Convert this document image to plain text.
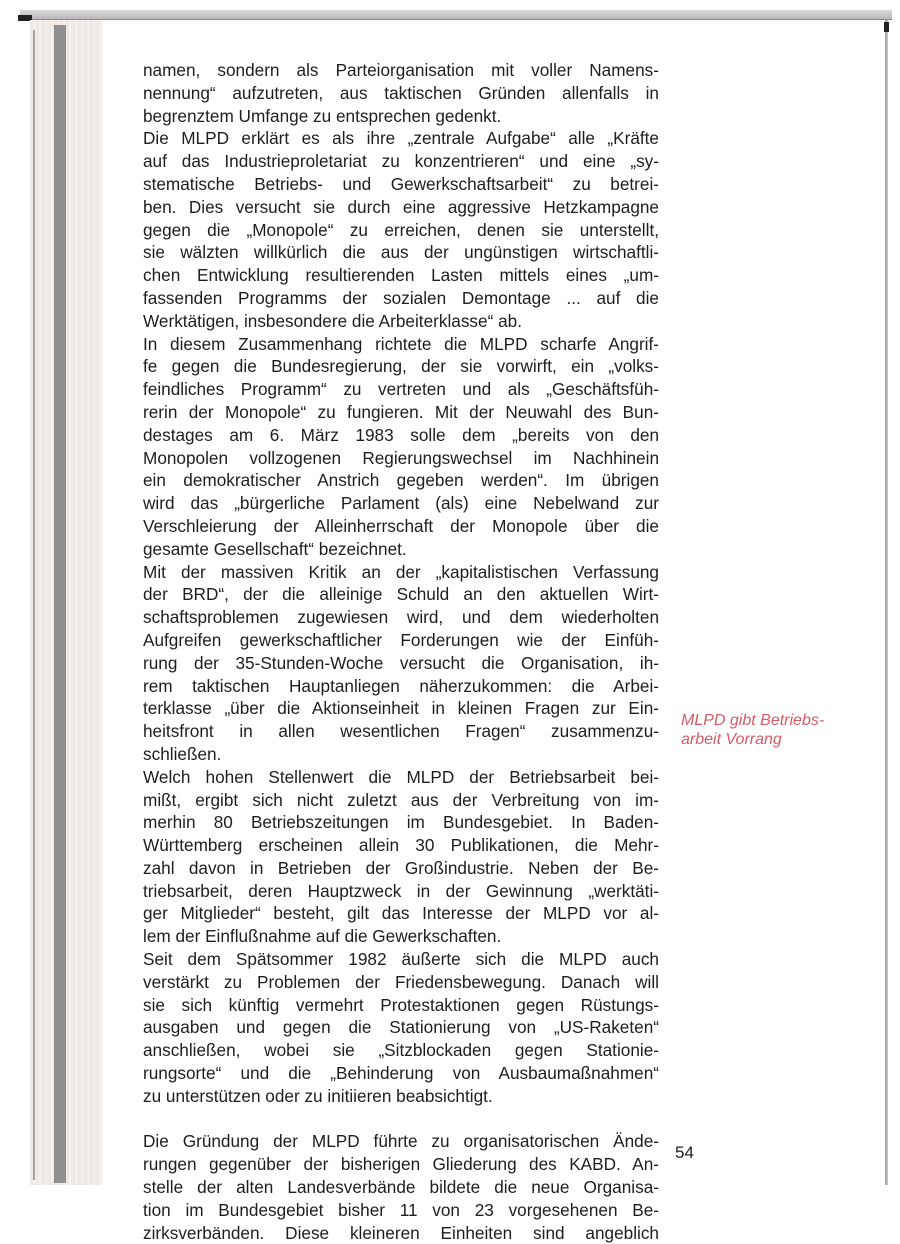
namen, sondern als Parteiorganisation mit voller Namens-
nennung“ aufzutreten, aus taktischen Gründen allenfalls in
begrenztem Umfange zu entsprechen gedenkt.
Die MLPD erklärt es als ihre „zentrale Aufgabe“ alle „Kräfte
auf das Industrieproletariat zu konzentrieren“ und eine „sy-
stematische Betriebs- und Gewerkschaftsarbeit“ zu betrei-
ben. Dies versucht sie durch eine aggressive Hetzkampagne
gegen die „Monopole“ zu erreichen, denen sie unterstellt,
sie wälzten willkürlich die aus der ungünstigen wirtschaftli-
chen Entwicklung resultierenden Lasten mittels eines „um-
fassenden Programms der sozialen Demontage ... auf die
Werktätigen, insbesondere die Arbeiterklasse“ ab.
In diesem Zusammenhang richtete die MLPD scharfe Angrif-
fe gegen die Bundesregierung, der sie vorwirft, ein „volks-
feindliches Programm“ zu vertreten und als „Geschäftsfüh-
rerin der Monopole“ zu fungieren. Mit der Neuwahl des Bun-
destages am 6. März 1983 solle dem „bereits von den
Monopolen vollzogenen Regierungswechsel im Nachhinein
ein demokratischer Anstrich gegeben werden“. Im übrigen
wird das „bürgerliche Parlament (als) eine Nebelwand zur
Verschleierung der Alleinherrschaft der Monopole über die
gesamte Gesellschaft“ bezeichnet.
Mit der massiven Kritik an der „kapitalistischen Verfassung
der BRD“, der die alleinige Schuld an den aktuellen Wirt-
schaftsproblemen zugewiesen wird, und dem wiederholten
Aufgreifen gewerkschaftlicher Forderungen wie der Einfüh-
rung der 35-Stunden-Woche versucht die Organisation, ih-
rem taktischen Hauptanliegen näherzukommen: die Arbei-
terklasse „über die Aktionseinheit in kleinen Fragen zur Ein-
heitsfront in allen wesentlichen Fragen“ zusammenzu-
schließen.
Welch hohen Stellenwert die MLPD der Betriebsarbeit bei-
mißt, ergibt sich nicht zuletzt aus der Verbreitung von im-
merhin 80 Betriebszeitungen im Bundesgebiet. In Baden-
Württemberg erscheinen allein 30 Publikationen, die Mehr-
zahl davon in Betrieben der Großindustrie. Neben der Be-
triebsarbeit, deren Hauptzweck in der Gewinnung „werktäti-
ger Mitglieder“ besteht, gilt das Interesse der MLPD vor al-
lem der Einflußnahme auf die Gewerkschaften.
Seit dem Spätsommer 1982 äußerte sich die MLPD auch
verstärkt zu Problemen der Friedensbewegung. Danach will
sie sich künftig vermehrt Protestaktionen gegen Rüstungs-
ausgaben und gegen die Stationierung von „US-Raketen“
anschließen, wobei sie „Sitzblockaden gegen Stationie-
rungsorte“ und die „Behinderung von Ausbaumaßnahmen“
zu unterstützen oder zu initiieren beabsichtigt.
Die Gründung der MLPD führte zu organisatorischen Ände-
rungen gegenüber der bisherigen Gliederung des KABD. An-
stelle der alten Landesverbände bildete die neue Organisa-
tion im Bundesgebiet bisher 11 von 23 vorgesehenen Be-
zirksverbänden. Diese kleineren Einheiten sind angeblich
MLPD gibt Betriebs-
arbeit Vorrang
54
